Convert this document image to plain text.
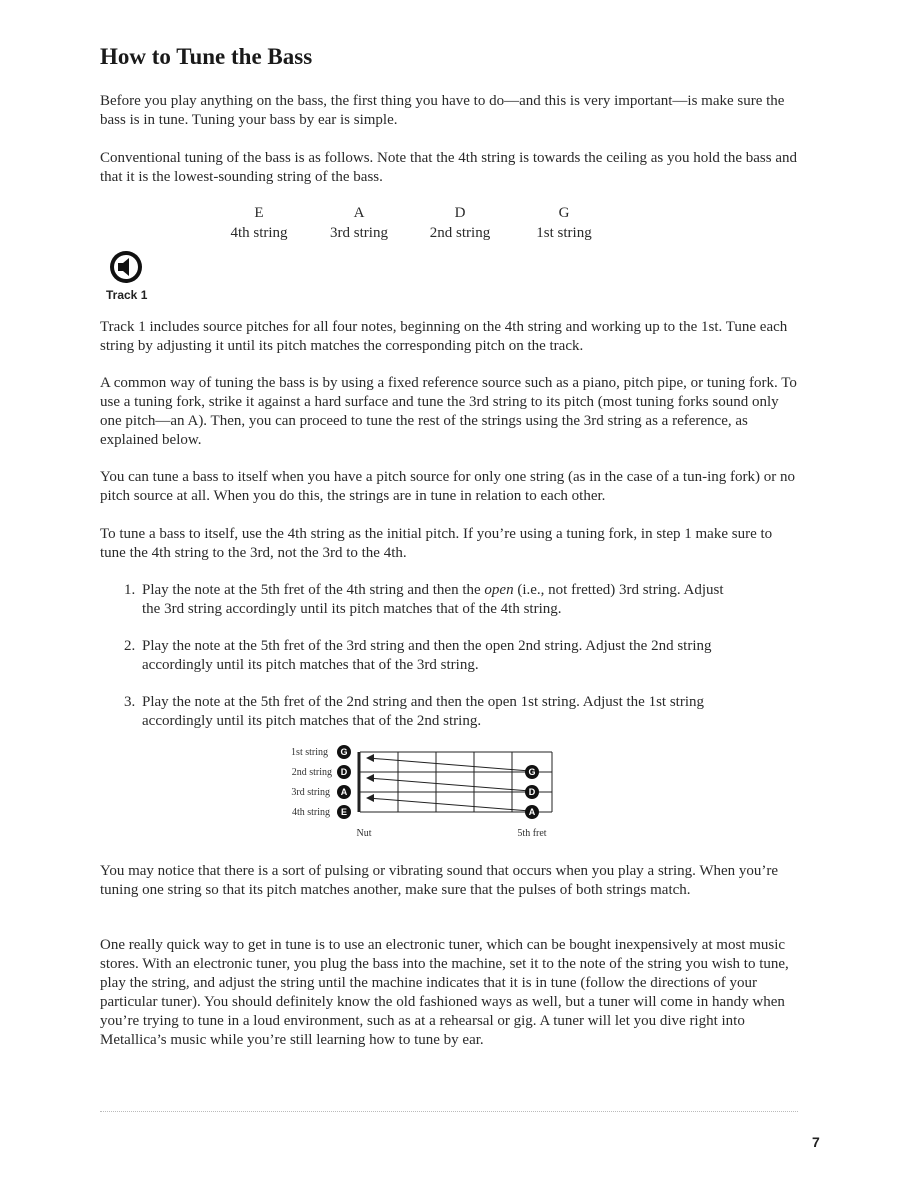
How to Tune the Bass

Before you play anything on the bass, the first thing you have to do—and this is very important—is make sure the bass is in tune. Tuning your bass by ear is simple.

Conventional tuning of the bass is as follows. Note that the 4th string is towards the ceiling as you hold the bass and that it is the lowest-sounding string of the bass.

E
4th string
A
3rd string
D
2nd string
G
1st string
Track 1

Track 1 includes source pitches for all four notes, beginning on the 4th string and working up to the 1st. Tune each string by adjusting it until its pitch matches the corresponding pitch on the track.

A common way of tuning the bass is by using a fixed reference source such as a piano, pitch pipe, or tuning fork. To use a tuning fork, strike it against a hard surface and tune the 3rd string to its pitch (most tuning forks sound only one pitch—an A). Then, you can proceed to tune the rest of the strings using the 3rd string as a reference, as explained below.

You can tune a bass to itself when you have a pitch source for only one string (as in the case of a tun-ing fork) or no pitch source at all. When you do this, the strings are in tune in relation to each other.

To tune a bass to itself, use the 4th string as the initial pitch. If you’re using a tuning fork, in step 1 make sure to tune the 4th string to the 3rd, not the 3rd to the 4th.

1. Play the note at the 5th fret of the 4th string and then the open (i.e., not fretted) 3rd string. Adjust
the 3rd string accordingly until its pitch matches that of the 4th string.

2. Play the note at the 5th fret of the 3rd string and then the open 2nd string. Adjust the 2nd string
accordingly until its pitch matches that of the 3rd string.

3. Play the note at the 5th fret of the 2nd string and then the open 1st string. Adjust the 1st string
accordingly until its pitch matches that of the 2nd string.

1st string
2nd string
3rd string
4th string
G
D
A
E
G
D
A
Nut	5th fret

You may notice that there is a sort of pulsing or vibrating sound that occurs when you play a string. When you’re tuning one string so that its pitch matches another, make sure that the pulses of both strings match.

One really quick way to get in tune is to use an electronic tuner, which can be bought inexpensively at most music stores. With an electronic tuner, you plug the bass into the machine, set it to the note of the string you wish to tune, play the string, and adjust the string until the machine indicates that it is in tune (follow the directions of your particular tuner). You should definitely know the old fashioned ways as well, but a tuner will come in handy when you’re trying to tune in a loud environment, such as at a rehearsal or gig. A tuner will let you dive right into Metallica’s music while you’re still learning how to tune by ear.

7
